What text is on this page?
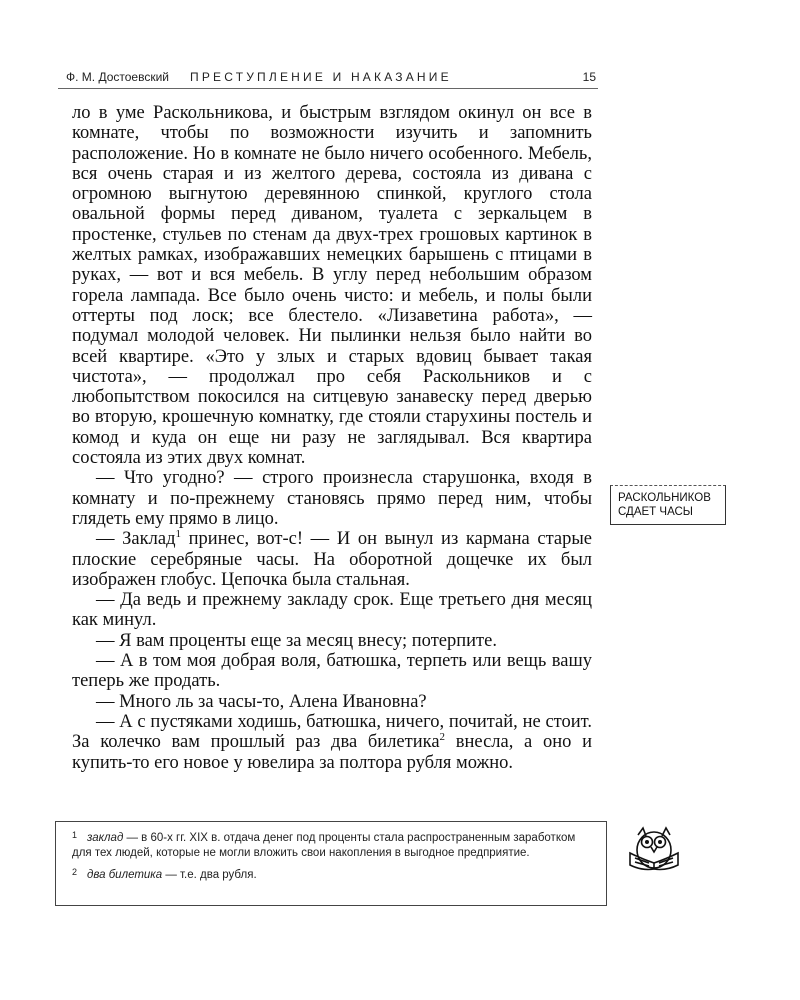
Ф. М. Достоевский ПРЕСТУПЛЕНИЕ И НАКАЗАНИЕ	15

ло в уме Раскольникова, и быстрым взглядом окинул он все в комнате, чтобы по возможности изучить и запомнить расположение. Но в комнате не было ничего особенного. Мебель, вся очень старая и из желтого дерева, состояла из дивана с огромною выгнутою деревянною спинкой, круглого стола овальной формы перед диваном, туалета с зеркальцем в простенке, стульев по стенам да двух-трех грошовых картинок в желтых рамках, изображавших немецких барышень с птицами в руках, — вот и вся мебель. В углу перед небольшим образом горела лампада. Все было очень чисто: и мебель, и полы были оттерты под лоск; все блестело. «Лизаветина работа», — подумал молодой человек. Ни пылинки нельзя было найти во всей квартире. «Это у злых и старых вдовиц бывает такая чистота», — продолжал про себя Раскольников и с любопытством покосился на ситцевую занавеску перед дверью во вторую, крошечную комнатку, где стояли старухины постель и комод и куда он еще ни разу не заглядывал. Вся квартира состояла из этих двух комнат.

— Что угодно? — строго произнесла старушонка, входя в комнату и по-прежнему становясь прямо перед ним, чтобы глядеть ему прямо в лицо.

— Заклад$^1$ принес, вот-с! — И он вынул из кармана старые плоские серебряные часы. На оборотной дощечке их был изображен глобус. Цепочка была стальная.

— Да ведь и прежнему закладу срок. Еще третьего дня месяц как минул.

— Я вам проценты еще за месяц внесу; потерпите.

— А в том моя добрая воля, батюшка, терпеть или вещь вашу теперь же продать.

— Много ль за часы-то, Алена Ивановна?

— А с пустяками ходишь, батюшка, ничего, почитай, не стоит. За колечко вам прошлый раз два билетика$^2$ внесла, а оно и купить-то его новое у ювелира за полтора рубля можно.

РАСКОЛЬНИКОВ
СДАЕТ ЧАСЫ
$^1$ заклад — в 60-х гг. XIX в. отдача денег под проценты стала распространенным заработком для тех людей, которые не могли вложить свои накопления в выгодное предприятие.
$^2$ два билетика — т.е. два рубля.
